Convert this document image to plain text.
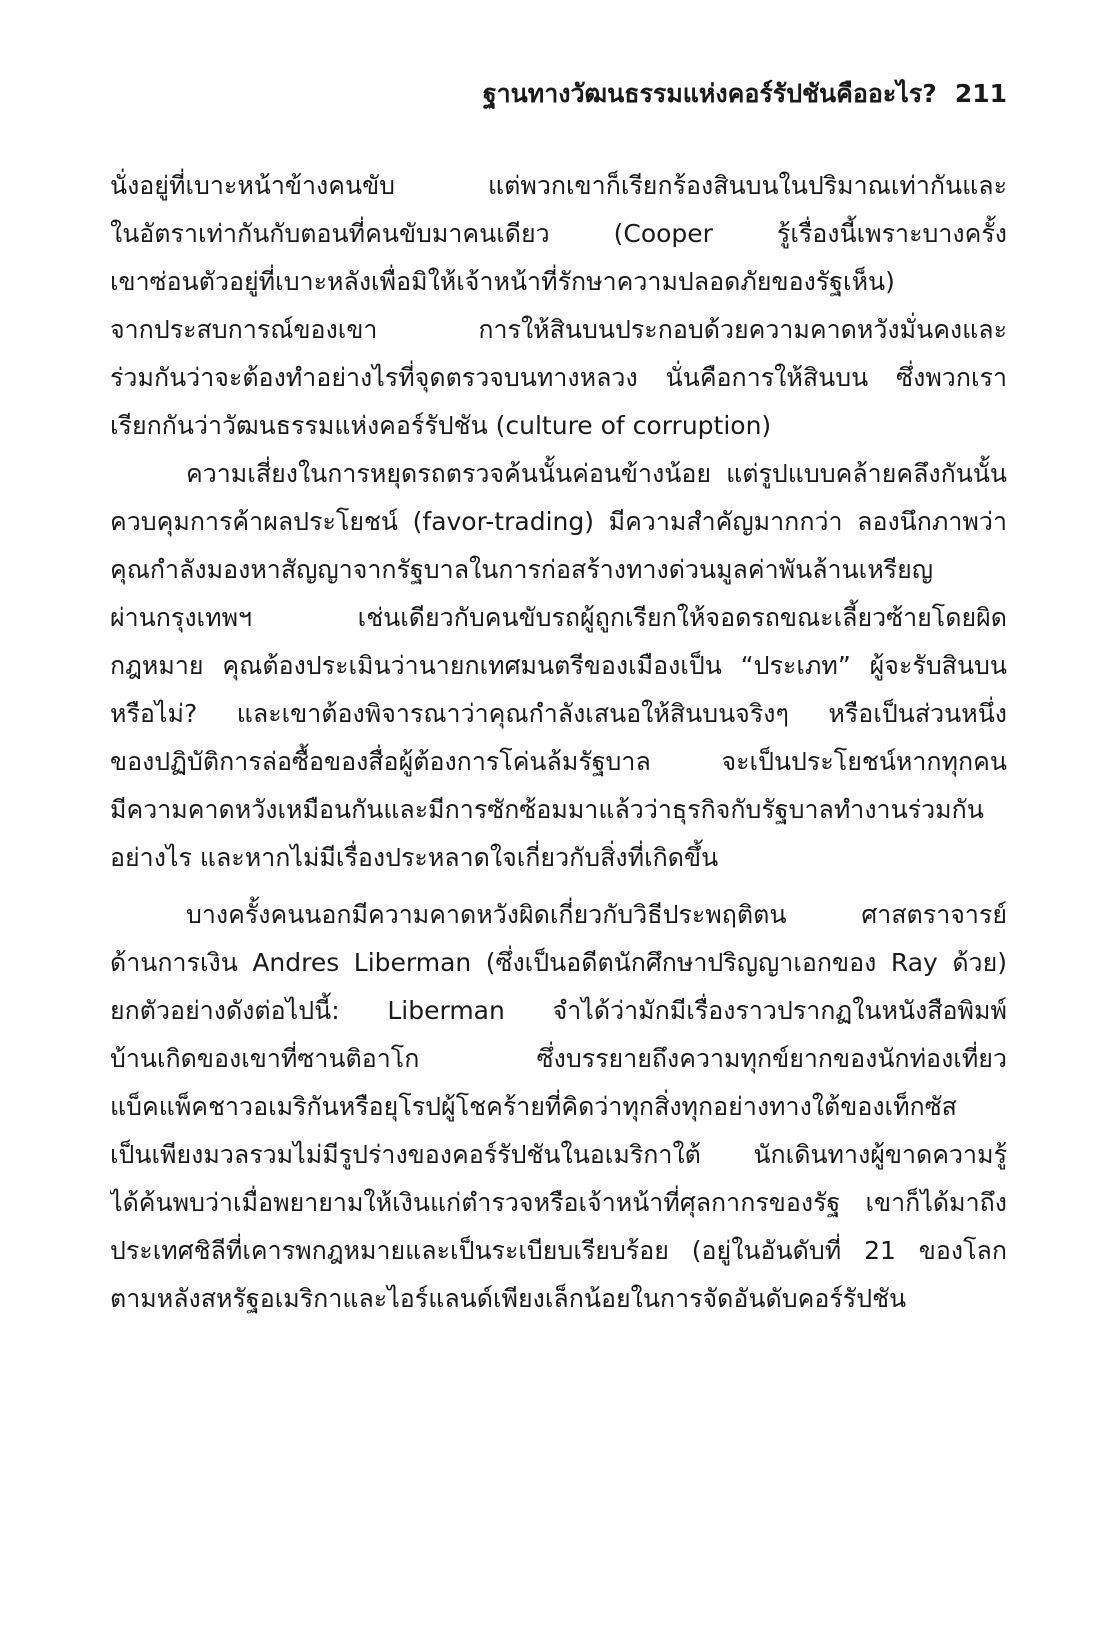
ฐานทางวัฒนธรรมแห่งคอร์รัปชันคืออะไร? 211
นั่งอยู่ที่เบาะหน้าข้างคนขับ แต่พวกเขาก็เรียกร้องสินบนในปริมาณเท่ากันและ
ในอัตราเท่ากันกับตอนที่คนขับมาคนเดียว (Cooper รู้เรื่องนี้เพราะบางครั้ง
เขาซ่อนตัวอยู่ที่เบาะหลังเพื่อมิให้เจ้าหน้าที่รักษาความปลอดภัยของรัฐเห็น)
จากประสบการณ์ของเขา การให้สินบนประกอบด้วยความคาดหวังมั่นคงและ
ร่วมกันว่าจะต้องทำอย่างไรที่จุดตรวจบนทางหลวง นั่นคือการให้สินบน ซึ่งพวกเรา
เรียกกันว่าวัฒนธรรมแห่งคอร์รัปชัน (culture of corruption)
ความเสี่ยงในการหยุดรถตรวจค้นนั้นค่อนข้างน้อย แต่รูปแบบคล้ายคลึงกันนั้น
ควบคุมการค้าผลประโยชน์ (favor-trading) มีความสำคัญมากกว่า ลองนึกภาพว่า
คุณกำลังมองหาสัญญาจากรัฐบาลในการก่อสร้างทางด่วนมูลค่าพันล้านเหรียญ
ผ่านกรุงเทพฯ เช่นเดียวกับคนขับรถผู้ถูกเรียกให้จอดรถขณะเลี้ยวซ้ายโดยผิด
กฎหมาย คุณต้องประเมินว่านายกเทศมนตรีของเมืองเป็น “ประเภท” ผู้จะรับสินบน
หรือไม่? และเขาต้องพิจารณาว่าคุณกำลังเสนอให้สินบนจริงๆ หรือเป็นส่วนหนึ่ง
ของปฏิบัติการล่อซื้อของสื่อผู้ต้องการโค่นล้มรัฐบาล จะเป็นประโยชน์หากทุกคน
มีความคาดหวังเหมือนกันและมีการซักซ้อมมาแล้วว่าธุรกิจกับรัฐบาลทำงานร่วมกัน
อย่างไร และหากไม่มีเรื่องประหลาดใจเกี่ยวกับสิ่งที่เกิดขึ้น
บางครั้งคนนอกมีความคาดหวังผิดเกี่ยวกับวิธีประพฤติตน ศาสตราจารย์
ด้านการเงิน Andres Liberman (ซึ่งเป็นอดีตนักศึกษาปริญญาเอกของ Ray ด้วย)
ยกตัวอย่างดังต่อไปนี้: Liberman จำได้ว่ามักมีเรื่องราวปรากฏในหนังสือพิมพ์
บ้านเกิดของเขาที่ซานติอาโก ซึ่งบรรยายถึงความทุกข์ยากของนักท่องเที่ยว
แบ็คแพ็คชาวอเมริกันหรือยุโรปผู้โชคร้ายที่คิดว่าทุกสิ่งทุกอย่างทางใต้ของเท็กซัส
เป็นเพียงมวลรวมไม่มีรูปร่างของคอร์รัปชันในอเมริกาใต้ นักเดินทางผู้ขาดความรู้
ได้ค้นพบว่าเมื่อพยายามให้เงินแก่ตำรวจหรือเจ้าหน้าที่ศุลกากรของรัฐ เขาก็ได้มาถึง
ประเทศชิลีที่เคารพกฎหมายและเป็นระเบียบเรียบร้อย (อยู่ในอันดับที่ 21 ของโลก
ตามหลังสหรัฐอเมริกาและไอร์แลนด์เพียงเล็กน้อยในการจัดอันดับคอร์รัปชัน
